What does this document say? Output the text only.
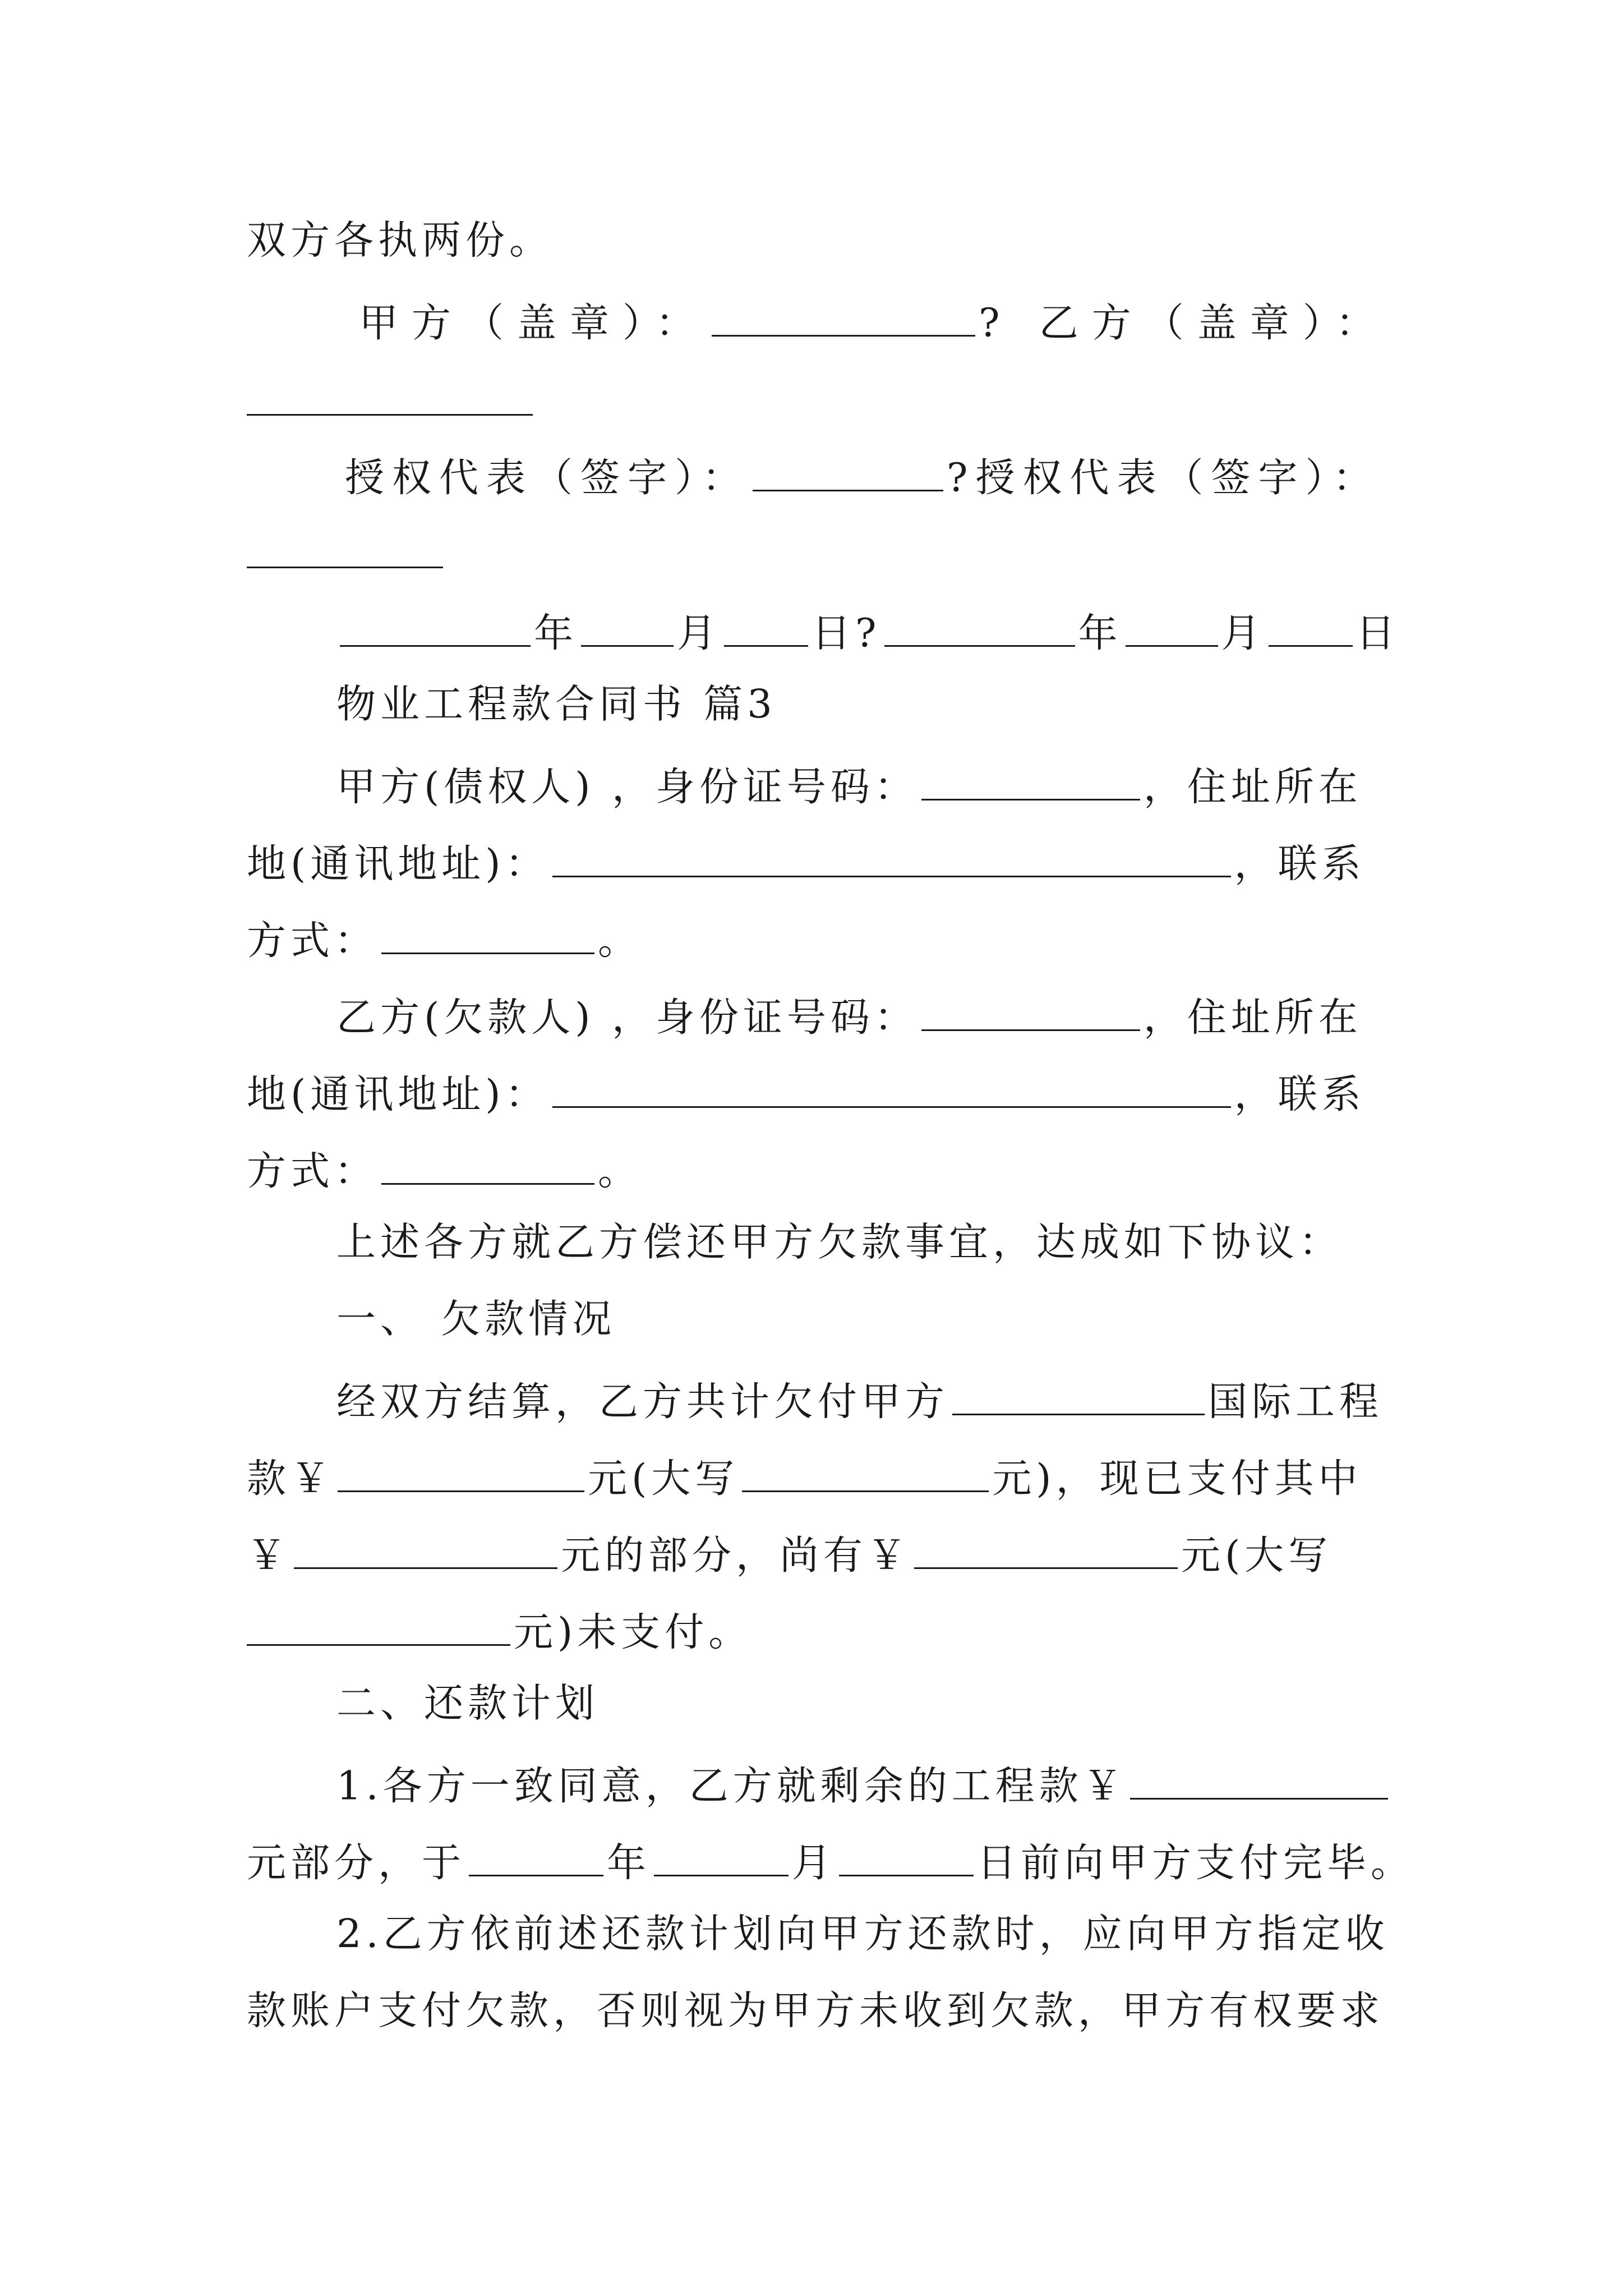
双方各执两份。
甲方（盖章）：	? 乙方（盖章）：
授权代表（签字）：	?授权代表（签字）：
年	月 日?	年	月 日
物业工程款合同书 篇3
甲方(债权人) ，身份证号码：	，住址所在
地(通讯地址)：	，联系
方式：	。
乙方(欠款人) ，身份证号码：	，住址所在
地(通讯地址)：	，联系
方式：	。
上述各方就乙方偿还甲方欠款事宜，达成如下协议：
一、 欠款情况
经双方结算，乙方共计欠付甲方	国际工程
款￥	元(大写	元)，现已支付其中
￥	元的部分，尚有￥	元(大写
元)未支付。
二、还款计划
1.各方一致同意，乙方就剩余的工程款￥
元部分，于	年	月	日前向甲方支付完毕。
2.乙方依前述还款计划向甲方还款时，应向甲方指定收
款账户支付欠款，否则视为甲方未收到欠款，甲方有权要求
